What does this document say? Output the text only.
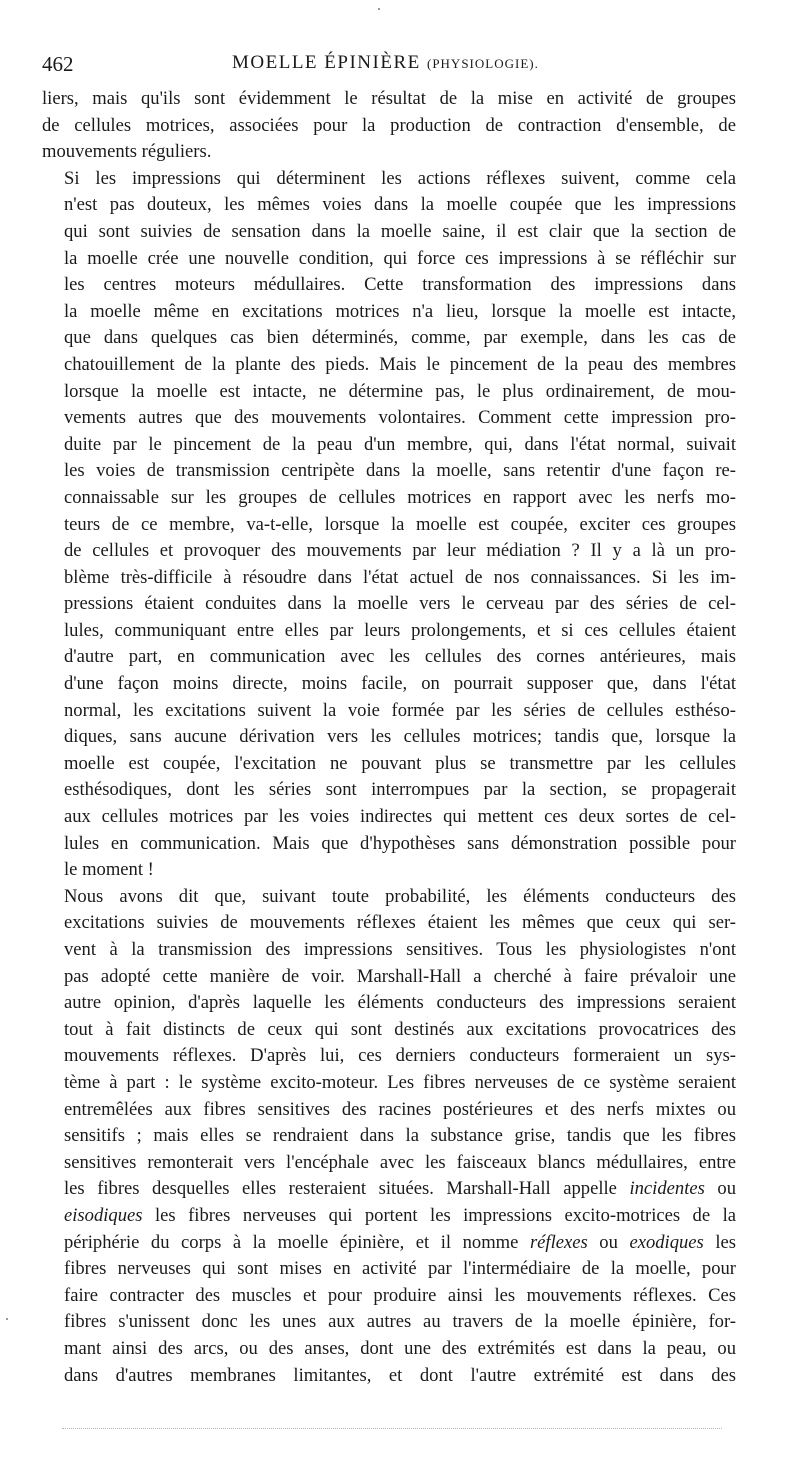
462	MOELLE ÉPINIÈRE (PHYSIOLOGIE).

liers, mais qu'ils sont évidemment le résultat de la mise en activité de groupes
de cellules motrices, associées pour la production de contraction d'ensemble, de
mouvements réguliers.

Si les impressions qui déterminent les actions réflexes suivent, comme cela
n'est pas douteux, les mêmes voies dans la moelle coupée que les impressions
qui sont suivies de sensation dans la moelle saine, il est clair que la section de
la moelle crée une nouvelle condition, qui force ces impressions à se réfléchir sur
les centres moteurs médullaires. Cette transformation des impressions dans
la moelle même en excitations motrices n'a lieu, lorsque la moelle est intacte,
que dans quelques cas bien déterminés, comme, par exemple, dans les cas de
chatouillement de la plante des pieds. Mais le pincement de la peau des membres
lorsque la moelle est intacte, ne détermine pas, le plus ordinairement, de mou-
vements autres que des mouvements volontaires. Comment cette impression pro-
duite par le pincement de la peau d'un membre, qui, dans l'état normal, suivait
les voies de transmission centripète dans la moelle, sans retentir d'une façon re-
connaissable sur les groupes de cellules motrices en rapport avec les nerfs mo-
teurs de ce membre, va-t-elle, lorsque la moelle est coupée, exciter ces groupes
de cellules et provoquer des mouvements par leur médiation ? Il y a là un pro-
blème très-difficile à résoudre dans l'état actuel de nos connaissances. Si les im-
pressions étaient conduites dans la moelle vers le cerveau par des séries de cel-
lules, communiquant entre elles par leurs prolongements, et si ces cellules étaient
d'autre part, en communication avec les cellules des cornes antérieures, mais
d'une façon moins directe, moins facile, on pourrait supposer que, dans l'état
normal, les excitations suivent la voie formée par les séries de cellules esthéso-
diques, sans aucune dérivation vers les cellules motrices; tandis que, lorsque la
moelle est coupée, l'excitation ne pouvant plus se transmettre par les cellules
esthésodiques, dont les séries sont interrompues par la section, se propagerait
aux cellules motrices par les voies indirectes qui mettent ces deux sortes de cel-
lules en communication. Mais que d'hypothèses sans démonstration possible pour
le moment !

Nous avons dit que, suivant toute probabilité, les éléments conducteurs des
excitations suivies de mouvements réflexes étaient les mêmes que ceux qui ser-
vent à la transmission des impressions sensitives. Tous les physiologistes n'ont
pas adopté cette manière de voir. Marshall-Hall a cherché à faire prévaloir une
autre opinion, d'après laquelle les éléments conducteurs des impressions seraient
tout à fait distincts de ceux qui sont destinés aux excitations provocatrices des
mouvements réflexes. D'après lui, ces derniers conducteurs formeraient un sys-
tème à part : le système excito-moteur. Les fibres nerveuses de ce système seraient
entremêlées aux fibres sensitives des racines postérieures et des nerfs mixtes ou
sensitifs ; mais elles se rendraient dans la substance grise, tandis que les fibres
sensitives remonterait vers l'encéphale avec les faisceaux blancs médullaires, entre
les fibres desquelles elles resteraient situées. Marshall-Hall appelle incidentes ou
eisodiques les fibres nerveuses qui portent les impressions excito-motrices de la
périphérie du corps à la moelle épinière, et il nomme réflexes ou exodiques les
fibres nerveuses qui sont mises en activité par l'intermédiaire de la moelle, pour
faire contracter des muscles et pour produire ainsi les mouvements réflexes. Ces
fibres s'unissent donc les unes aux autres au travers de la moelle épinière, for-
mant ainsi des arcs, ou des anses, dont une des extrémités est dans la peau, ou
dans d'autres membranes limitantes, et dont l'autre extrémité est dans des
